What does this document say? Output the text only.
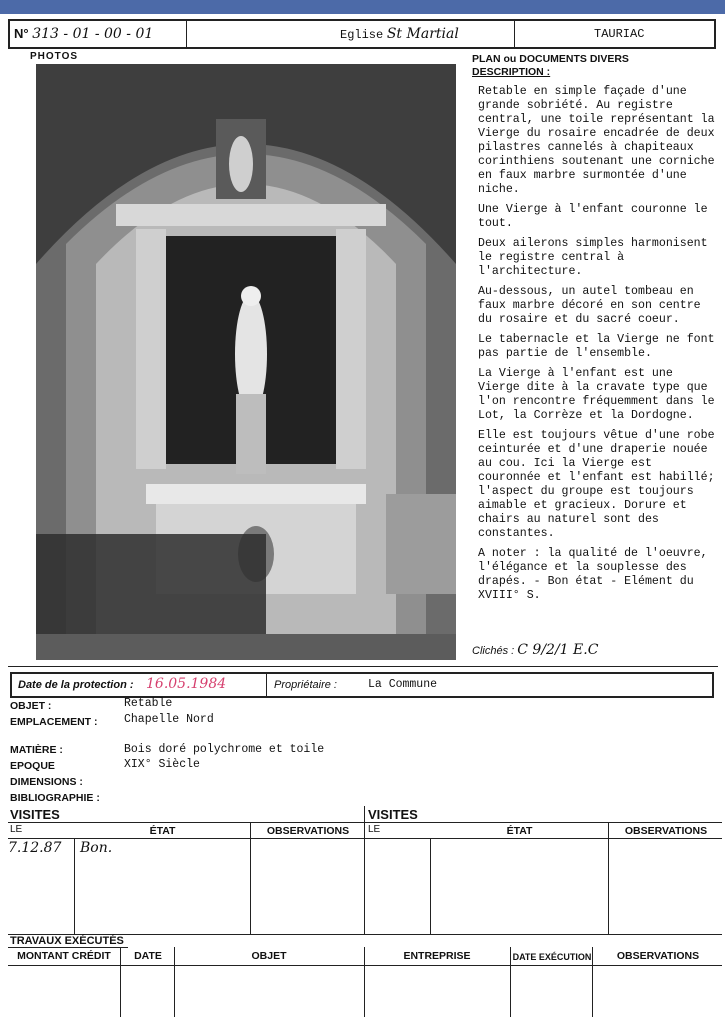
N° 313 - 01 - 00 - 01	Eglise St Martial	TAURIAC
PHOTOS	PLAN ou DOCUMENTS DIVERS
DESCRIPTION :

Retable en simple façade d'une grande sobriété. Au registre central, une toile représentant la Vierge du rosaire encadrée de deux pilastres cannelés à chapiteaux corinthiens soutenant une corniche en faux marbre surmontée d'une niche.

Une Vierge à l'enfant couronne le tout.

Deux ailerons simples harmonisent le registre central à l'architecture.

Au-dessous, un autel tombeau en faux marbre décoré en son centre du rosaire et du sacré coeur.

Le tabernacle et la Vierge ne font pas partie de l'ensemble.

La Vierge à l'enfant est une Vierge dite à la cravate type que l'on rencontre fréquemment dans le Lot, la Corrèze et la Dordogne.

Elle est toujours vêtue d'une robe ceinturée et d'une draperie nouée au cou. Ici la Vierge est couronnée et l'enfant est habillé; l'aspect du groupe est toujours aimable et gracieux. Dorure et chairs au naturel sont des constantes.

A noter : la qualité de l'oeuvre, l'élégance et la souplesse des drapés. - Bon état - Elément du XVIII° S.

Clichés : C 9/2/1 E.C
Date de la protection : 16.05.1984	Propriétaire :	La Commune
OBJET :	Retable
EMPLACEMENT : Chapelle Nord
MATIÈRE :	Bois doré polychrome et toile
EPOQUE	XIX° Siècle
DIMENSIONS :
BIBLIOGRAPHIE :
VISITES	VISITES
LE	ÉTAT	OBSERVATIONS	LE	ÉTAT	OBSERVATIONS
7.12.87 Bon.
TRAVAUX EXÉCUTÉS
MONTANT CRÉDIT	DATE	OBJET	ENTREPRISE	DATE EXÉCUTION	OBSERVATIONS
